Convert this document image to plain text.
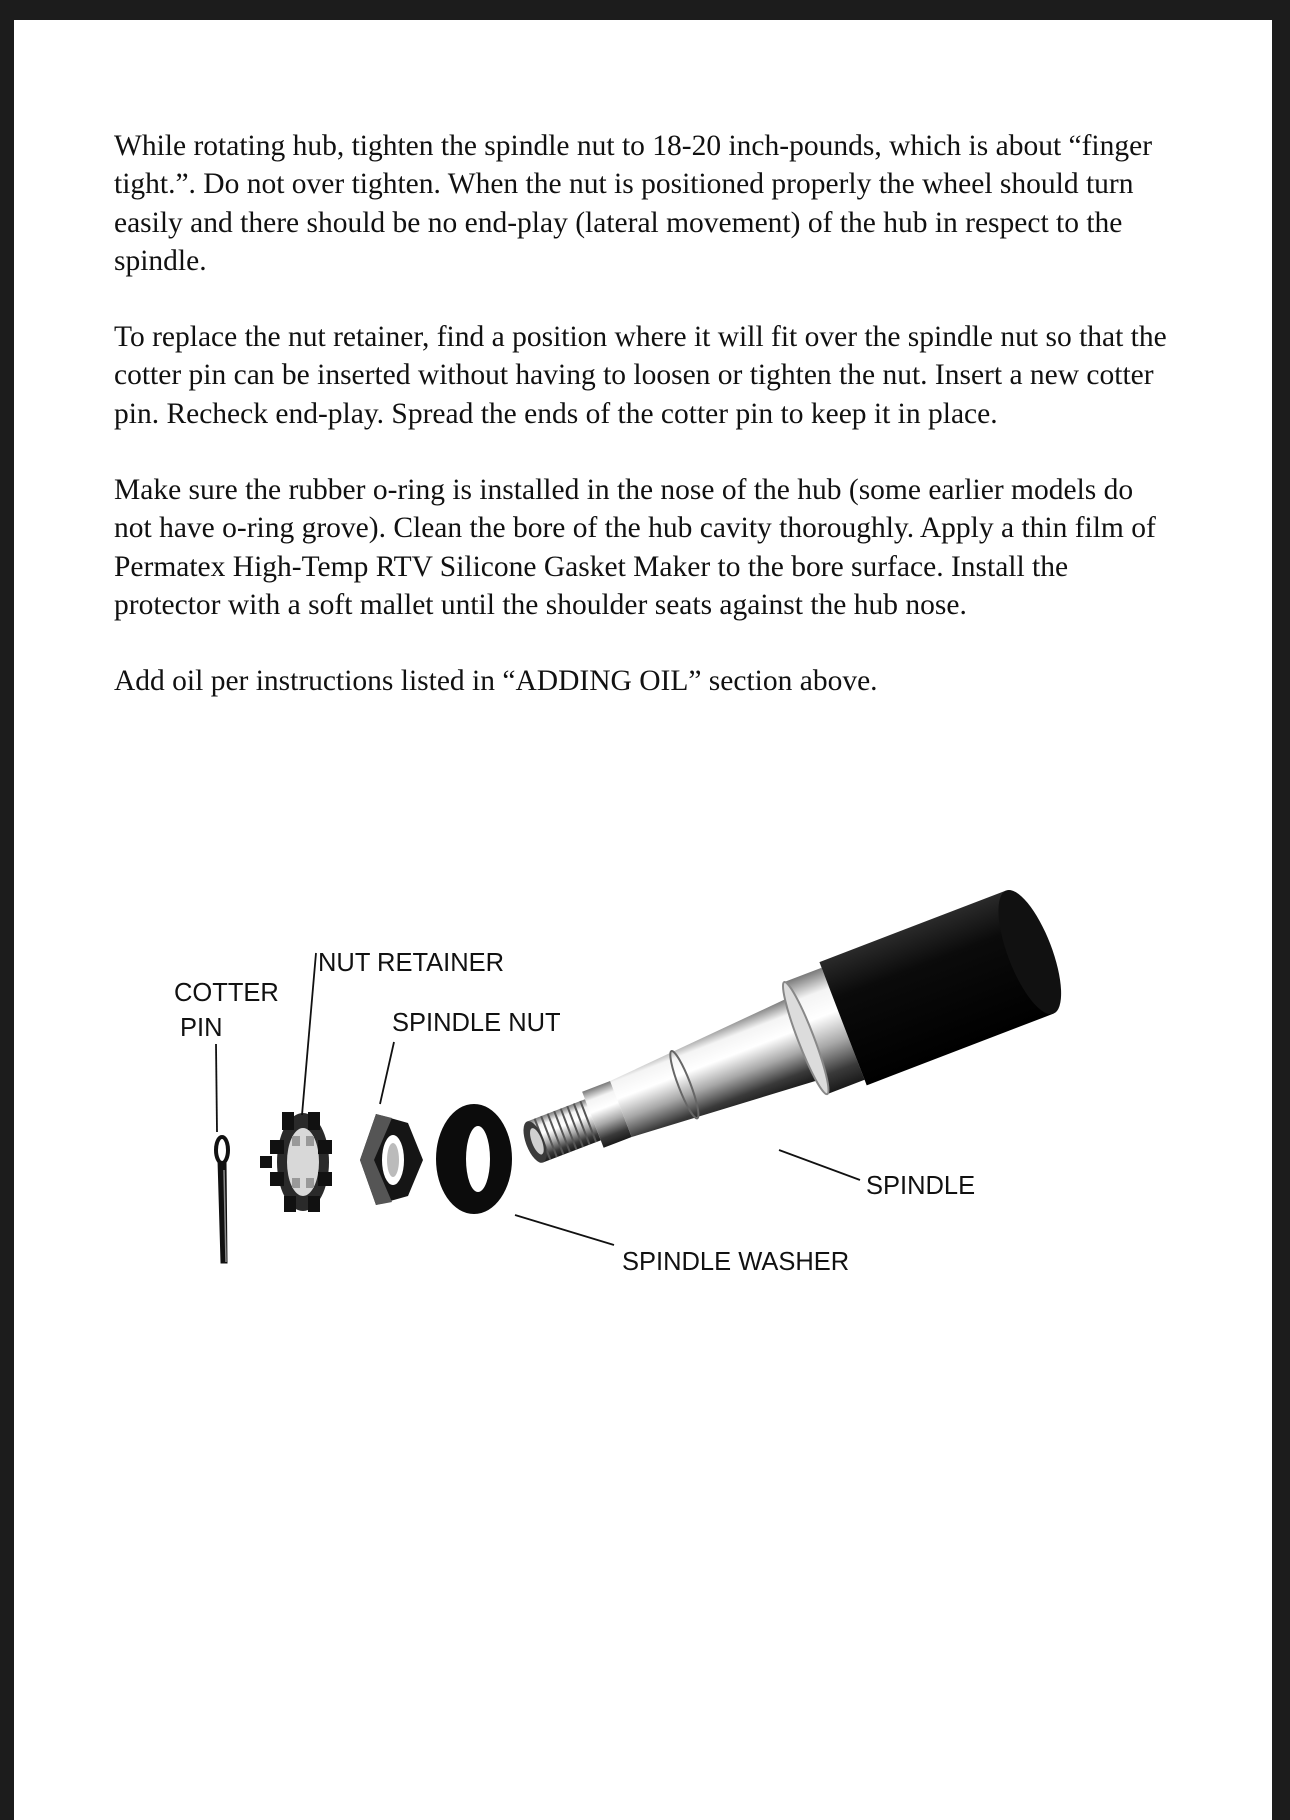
While rotating hub, tighten the spindle nut to 18-20 inch-pounds, which is about “finger tight.”. Do not over tighten. When the nut is positioned properly the wheel should turn easily and there should be no end-play (lateral movement) of the hub in respect to the spindle.

To replace the nut retainer, find a position where it will fit over the spindle nut so that the cotter pin can be inserted without having to loosen or tighten the nut. Insert a new cotter pin. Recheck end-play. Spread the ends of the cotter pin to keep it in place.

Make sure the rubber o-ring is installed in the nose of the hub (some earlier models do not have o-ring grove). Clean the bore of the hub cavity thoroughly. Apply a thin film of Permatex High-Temp RTV Silicone Gasket Maker to the bore surface. Install the protector with a soft mallet until the shoulder seats against the hub nose.

Add oil per instructions listed in “ADDING OIL” section above.

NUT RETAINER
COTTER
PIN	SPINDLE NUT
SPINDLE
SPINDLE WASHER
